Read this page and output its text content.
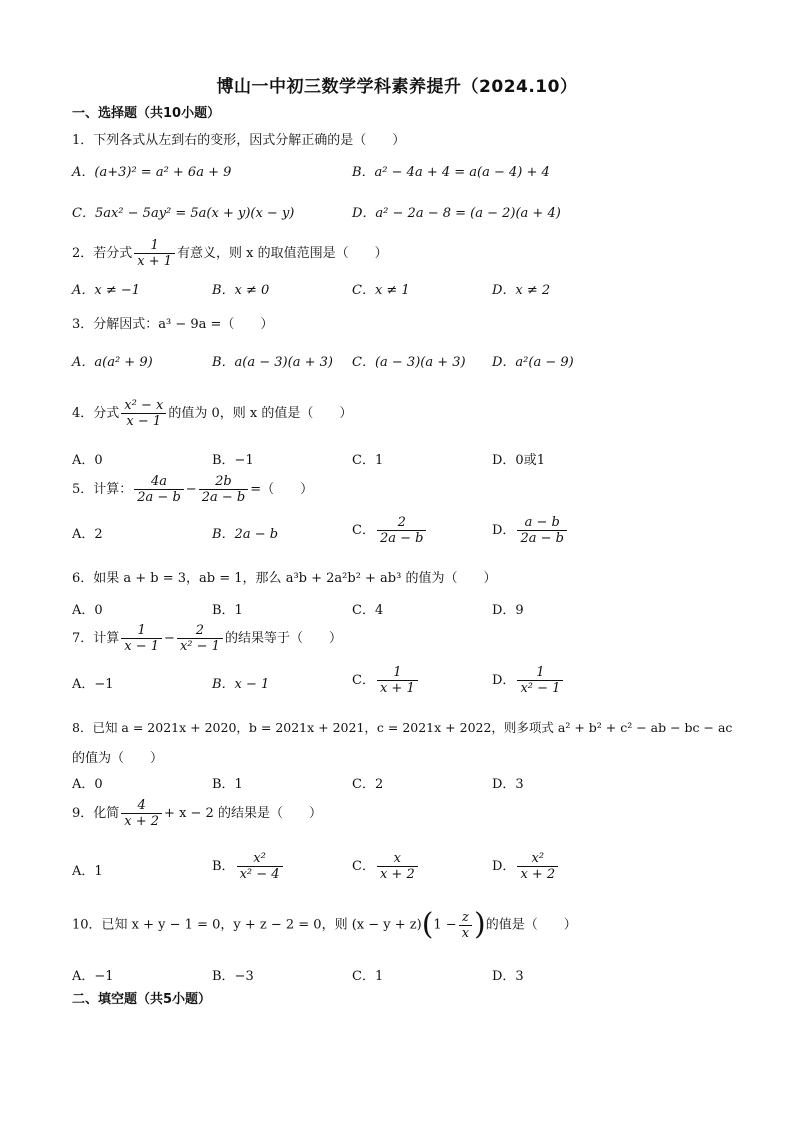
博山一中初三数学学科素养提升（2024.10）
一、选择题（共10小题）
1．下列各式从左到右的变形，因式分解正确的是（　　）
A．(a+3)² = a² + 6a + 9	B．a² − 4a + 4 = a(a − 4) + 4
C．5ax² − 5ay² = 5a(x + y)(x − y)	D．a² − 2a − 8 = (a − 2)(a + 4)
2．若分式 $\frac{1}{x + 1}$ 有意义，则 x 的取值范围是（　　）
A．x ≠ −1	B．x ≠ 0	C．x ≠ 1	D．x ≠ 2
3．分解因式：a³ − 9a =（　　）
A．a(a² + 9)	B．a(a − 3)(a + 3) C．(a − 3)(a + 3) D．a²(a − 9)
4．分式 $\frac{\text{x² − x}}{x - 1}$ 的值为 0，则 x 的值是（　　）
A．0	B．−1	C．1	D．0或1
5．计算： $\frac{4a}{2a - b} - \frac{2b}{2a - b}$ =（　　）
A．2	B．2a − b	C． $\frac{2}{2a - b}$	D． $\frac{a - b}{2a - b}$
6．如果 a + b = 3，ab = 1，那么 a³b + 2a²b² + ab³ 的值为（　　）
A．0	B．1	C．4	D．9
7．计算 $\frac{1}{x - 1} - \frac{2}{\text{x² − 1}}$ 的结果等于（　　）
A．−1	B．x − 1	C． $\frac{1}{x + 1}$	D． $\frac{1}{\text{x² − 1}}$
8．已知 a = 2021x + 2020，b = 2021x + 2021，c = 2021x + 2022，则多项式 a² + b² + c² − ab − bc − ac
的值为（　　）
A．0	B．1	C．2	D．3
9．化简 $\frac{4}{x + 2} + x - 2$ 的结果是（　　）
A．1	B． $\frac{\text{x²}}{\text{x² − 4}}$	C． $\frac{x}{x + 2}$	D． $\frac{\text{x²}}{x + 2}$
10．已知 x + y − 1 = 0，y + z − 2 = 0，则 $(x - y + z)(1 - \frac{z}{x}$ )的值是（　　）
A．−1	B．−3	C．1	D．3
二、填空题（共5小题）
